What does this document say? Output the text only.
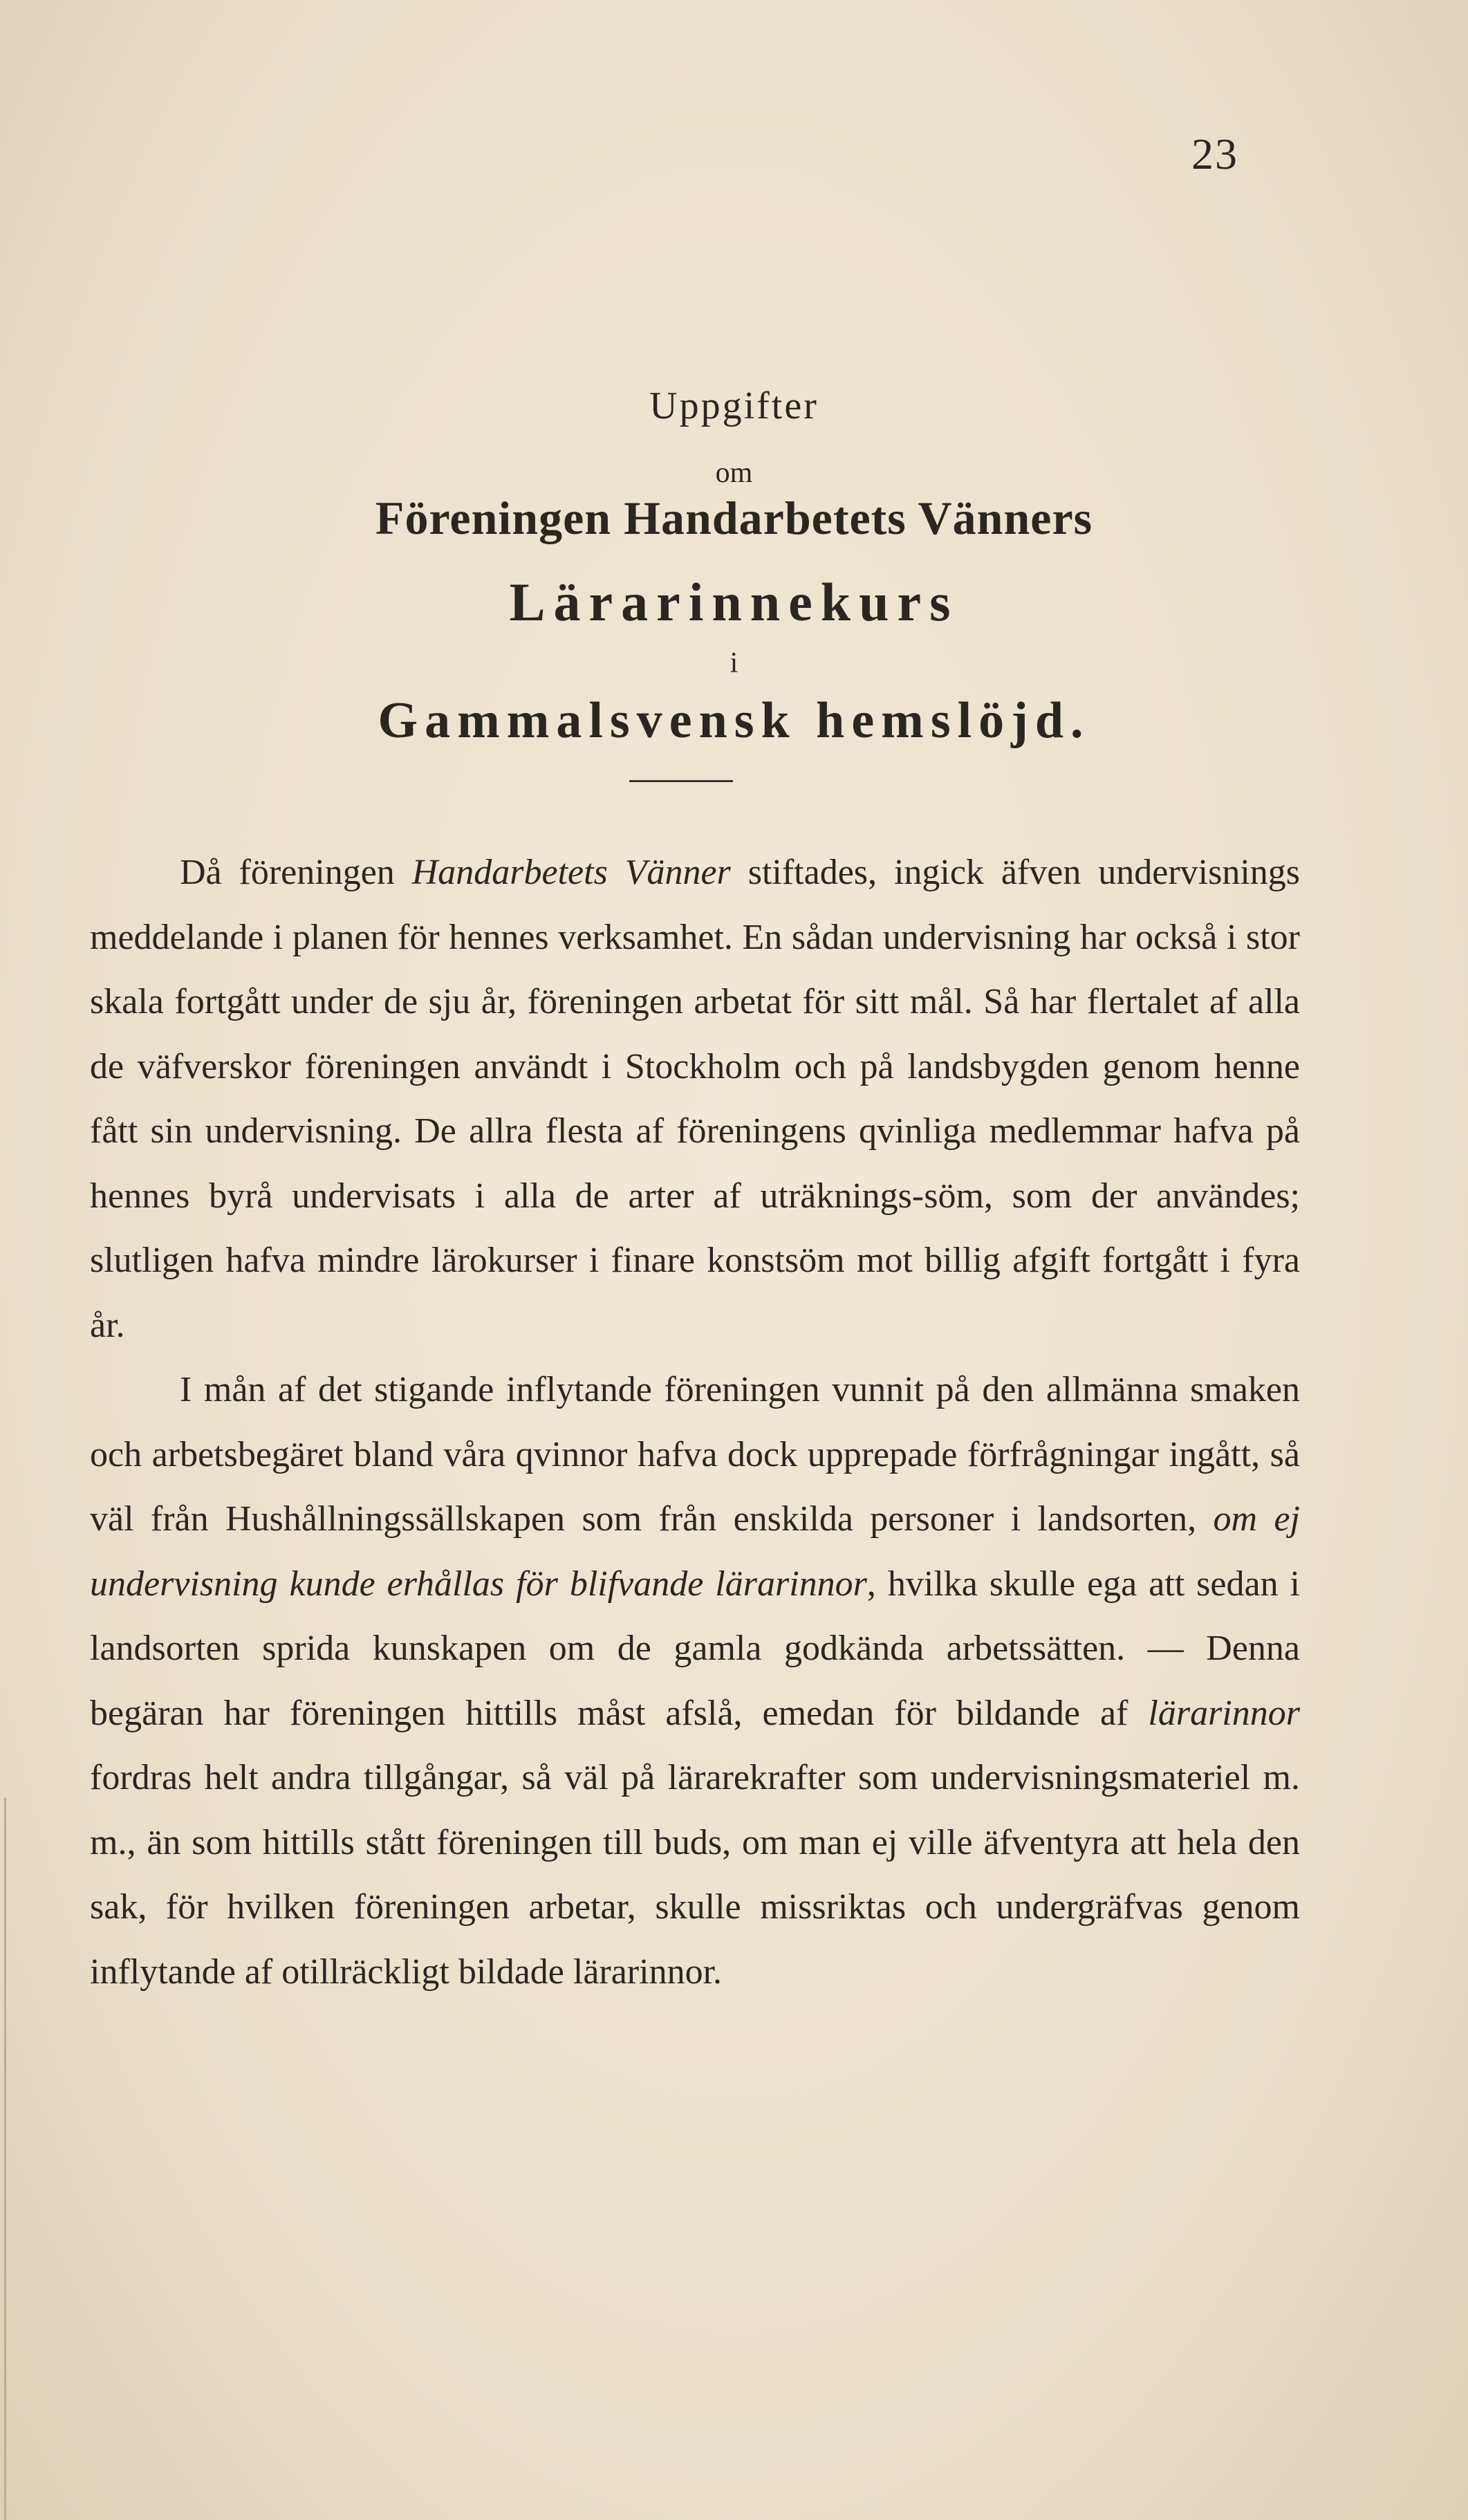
23
Uppgifter
om
Föreningen Handarbetets Vänners
Lärarinnekurs
i
Gammalsvensk hemslöjd.

Då föreningen Handarbetets Vänner stiftades, ingick äfven undervisnings meddelande i planen för hennes verksamhet. En sådan undervisning har också i stor skala fortgått under de sju år, föreningen arbetat för sitt mål. Så har flertalet af alla de väfverskor föreningen användt i Stockholm och på landsbygden genom henne fått sin undervisning. De allra flesta af föreningens qvinliga medlemmar hafva på hennes byrå undervisats i alla de arter af uträknings-söm, som der användes; slutligen hafva mindre lärokurser i finare konstsöm mot billig afgift fortgått i fyra år.

I mån af det stigande inflytande föreningen vunnit på den allmänna smaken och arbetsbegäret bland våra qvinnor hafva dock upprepade förfrågningar ingått, så väl från Hushållningssällskapen som från enskilda personer i landsorten, om ej undervisning kunde erhållas för blifvande lärarinnor, hvilka skulle ega att sedan i landsorten sprida kunskapen om de gamla godkända arbetssätten. — Denna begäran har föreningen hittills måst afslå, emedan för bildande af lärarinnor fordras helt andra tillgångar, så väl på lärarekrafter som undervisningsmateriel m. m., än som hittills stått föreningen till buds, om man ej ville äfventyra att hela den sak, för hvilken föreningen arbetar, skulle missriktas och undergräfvas genom inflytande af otillräckligt bildade lärarinnor.
